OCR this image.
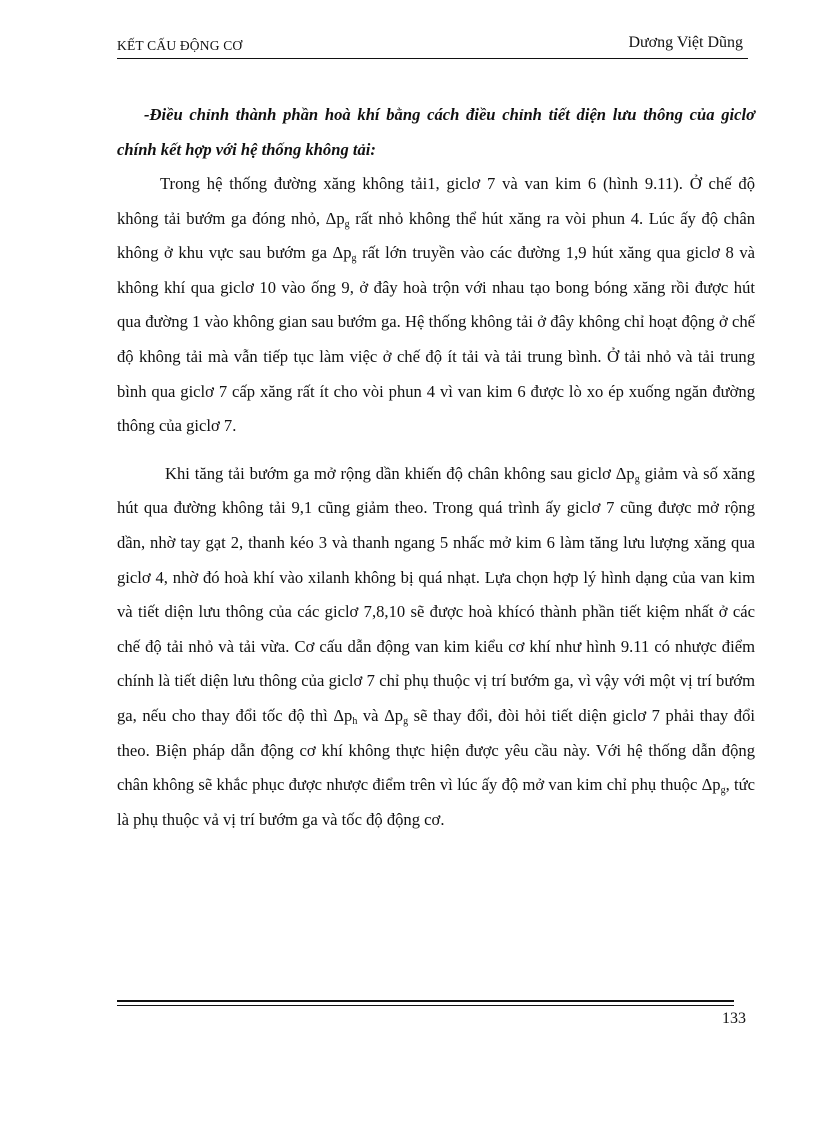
KẾT CẤU ĐỘNG CƠ	Dương Việt Dũng

-Điều chỉnh thành phần hoà khí bằng cách điều chỉnh tiết diện lưu thông của giclơ chính kết hợp với hệ thống không tải:

Trong hệ thống đường xăng không tải1, giclơ 7 và van kim 6 (hình 9.11). Ở chế độ không tải bướm ga đóng nhỏ, $\Delta p_g$ rất nhỏ không thể hút xăng ra vòi phun 4. Lúc ấy độ chân không ở khu vực sau bướm ga $\Delta p_g$ rất lớn truyền vào các đường 1,9 hút xăng qua giclơ 8 và không khí qua giclơ 10 vào ống 9, ở đây hoà trộn với nhau tạo bong bóng xăng rồi được hút qua đường 1 vào không gian sau bướm ga. Hệ thống không tải ở đây không chỉ hoạt động ở chế độ không tải mà vẫn tiếp tục làm việc ở chế độ ít tải và tải trung bình. Ở tải nhỏ và tải trung bình qua giclơ 7 cấp xăng rất ít cho vòi phun 4 vì van kim 6 được lò xo ép xuống ngăn đường thông của giclơ 7.

Khi tăng tải bướm ga mở rộng dần khiến độ chân không sau giclơ $\Delta p_g$ giảm và số xăng hút qua đường không tải 9,1 cũng giảm theo. Trong quá trình ấy giclơ 7 cũng được mở rộng dần, nhờ tay gạt 2, thanh kéo 3 và thanh ngang 5 nhấc mở kim 6 làm tăng lưu lượng xăng qua giclơ 4, nhờ đó hoà khí vào xilanh không bị quá nhạt. Lựa chọn hợp lý hình dạng của van kim và tiết diện lưu thông của các giclơ 7,8,10 sẽ được hoà khícó thành phần tiết kiệm nhất ở các chế độ tải nhỏ và tải vừa. Cơ cấu dẫn động van kim kiểu cơ khí như hình 9.11 có nhược điểm chính là tiết diện lưu thông của giclơ 7 chỉ phụ thuộc vị trí bướm ga, vì vậy với một vị trí bướm ga, nếu cho thay đổi tốc độ thì $\Delta p_h$ và $\Delta p_g$ sẽ thay đổi, đòi hỏi tiết diện giclơ 7 phải thay đổi theo. Biện pháp dẫn động cơ khí không thực hiện được yêu cầu này. Với hệ thống dẫn động chân không sẽ khắc phục được nhược điểm trên vì lúc ấy độ mở van kim chỉ phụ thuộc $\Delta p_g$, tức là phụ thuộc vả vị trí bướm ga và tốc độ động cơ.

133
